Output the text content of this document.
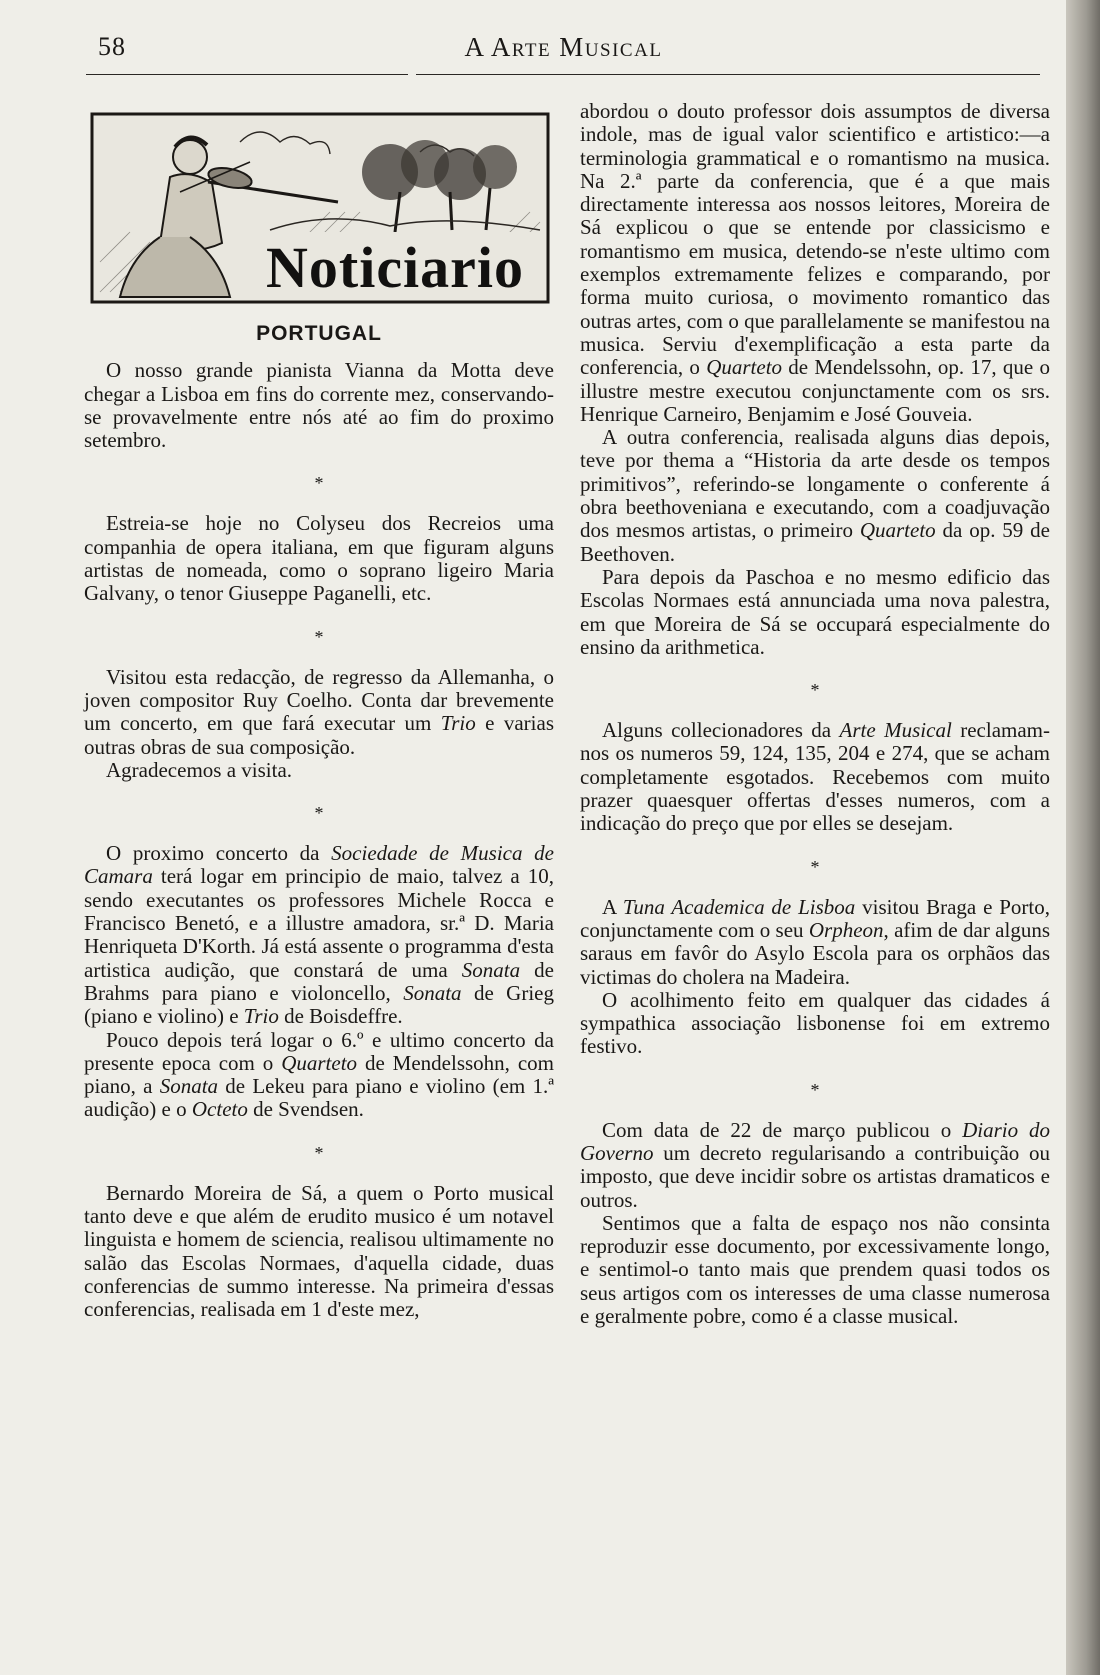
58	A Arte Musical
Noticiario
PORTUGAL

O nosso grande pianista Vianna da Motta deve chegar a Lisboa em fins do corrente mez, conservando-se provavelmente entre nós até ao fim do proximo setembro.

*

Estreia-se hoje no Colyseu dos Recreios uma companhia de opera italiana, em que figuram alguns artistas de nomeada, como o soprano ligeiro Maria Galvany, o tenor Giuseppe Paganelli, etc.

*

Visitou esta redacção, de regresso da Allemanha, o joven compositor Ruy Coelho. Conta dar brevemente um concerto, em que fará executar um Trio e varias outras obras de sua composição.

Agradecemos a visita.

*

O proximo concerto da Sociedade de Musica de Camara terá logar em principio de maio, talvez a 10, sendo executantes os professores Michele Rocca e Francisco Benetó, e a illustre amadora, sr.ª D. Maria Henriqueta D'Korth. Já está assente o programma d'esta artistica audição, que constará de uma Sonata de Brahms para piano e violoncello, Sonata de Grieg (piano e violino) e Trio de Boisdeffre.

Pouco depois terá logar o 6.º e ultimo concerto da presente epoca com o Quarteto de Mendelssohn, com piano, a Sonata de Lekeu para piano e violino (em 1.ª audição) e o Octeto de Svendsen.

*

Bernardo Moreira de Sá, a quem o Porto musical tanto deve e que além de erudito musico é um notavel linguista e homem de sciencia, realisou ultimamente no salão das Escolas Normaes, d'aquella cidade, duas conferencias de summo interesse. Na primeira d'essas conferencias, realisada em 1 d'este mez,

abordou o douto professor dois assumptos de diversa indole, mas de igual valor scientifico e artistico:—a terminologia grammatical e o romantismo na musica. Na 2.ª parte da conferencia, que é a que mais directamente interessa aos nossos leitores, Moreira de Sá explicou o que se entende por classicismo e romantismo em musica, detendo-se n'este ultimo com exemplos extremamente felizes e comparando, por forma muito curiosa, o movimento romantico das outras artes, com o que parallelamente se manifestou na musica. Serviu d'exemplificação a esta parte da conferencia, o Quarteto de Mendelssohn, op. 17, que o illustre mestre executou conjunctamente com os srs. Henrique Carneiro, Benjamim e José Gouveia.

A outra conferencia, realisada alguns dias depois, teve por thema a “Historia da arte desde os tempos primitivos”, referindo-se longamente o conferente á obra beethoveniana e executando, com a coadjuvação dos mesmos artistas, o primeiro Quarteto da op. 59 de Beethoven.

Para depois da Paschoa e no mesmo edificio das Escolas Normaes está annunciada uma nova palestra, em que Moreira de Sá se occupará especialmente do ensino da arithmetica.

*

Alguns collecionadores da Arte Musical reclamam-nos os numeros 59, 124, 135, 204 e 274, que se acham completamente esgotados. Recebemos com muito prazer quaesquer offertas d'esses numeros, com a indicação do preço que por elles se desejam.

*

A Tuna Academica de Lisboa visitou Braga e Porto, conjunctamente com o seu Orpheon, afim de dar alguns saraus em favôr do Asylo Escola para os orphãos das victimas do cholera na Madeira.

O acolhimento feito em qualquer das cidades á sympathica associação lisbonense foi em extremo festivo.

*

Com data de 22 de março publicou o Diario do Governo um decreto regularisando a contribuição ou imposto, que deve incidir sobre os artistas dramaticos e outros.

Sentimos que a falta de espaço nos não consinta reproduzir esse documento, por excessivamente longo, e sentimol-o tanto mais que prendem quasi todos os seus artigos com os interesses de uma classe numerosa e geralmente pobre, como é a classe musical.
